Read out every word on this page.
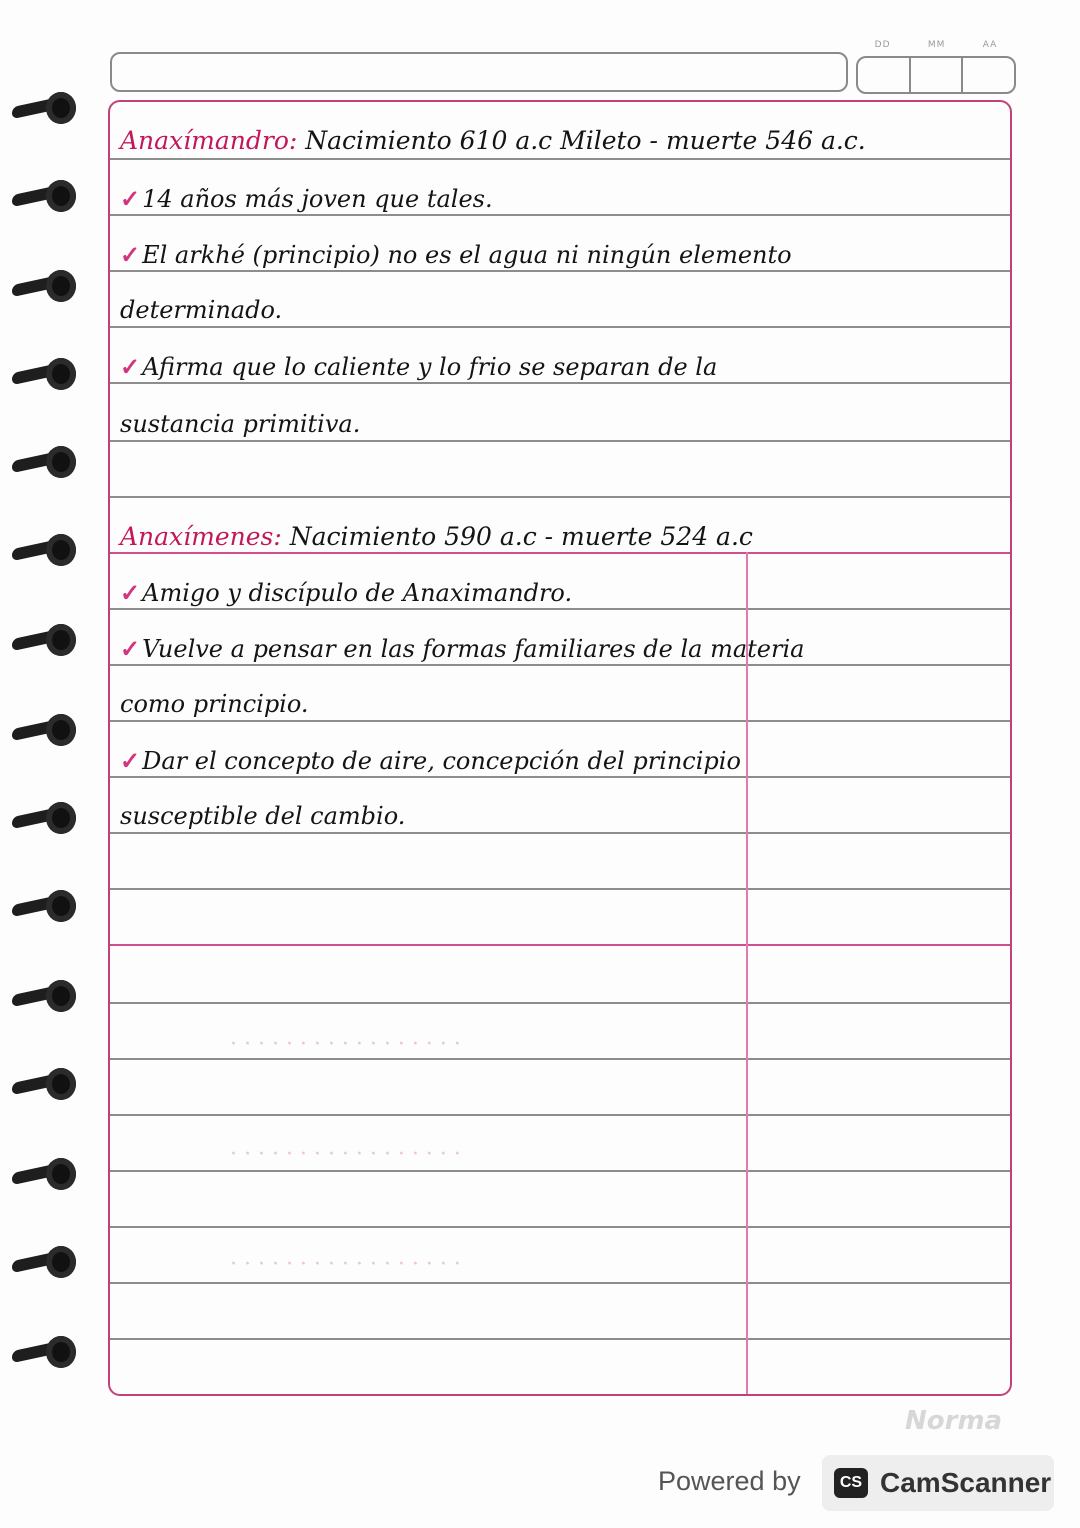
DD	MM	AA
· · · · · · · · · · · · · · · · ·
· · · · · · · · · · · · · · · · ·
· · · · · · · · · · · · · · · · ·
Anaxímandro: Nacimiento 610 a.c Mileto - muerte 546 a.c.
✓14 años más joven que tales.
✓El arkhé (principio) no es el agua ni ningún elemento
determinado.
✓Afirma que lo caliente y lo frio se separan de la
sustancia primitiva.
Anaxímenes: Nacimiento 590 a.c - muerte 524 a.c
✓Amigo y discípulo de Anaximandro.
✓Vuelve a pensar en las formas familiares de la materia
como principio.
✓Dar el concepto de aire, concepción del principio
susceptible del cambio.
Norma
Powered by	CS CamScanner
